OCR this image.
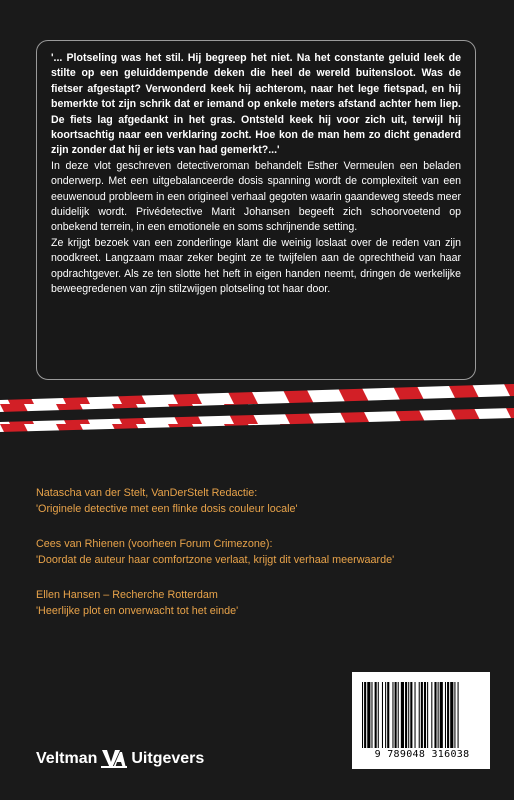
'... Plotseling was het stil. Hij begreep het niet. Na het constante geluid leek de stilte op een geluiddempende deken die heel de wereld buitensloot. Was de fietser afgestapt? Verwonderd keek hij achterom, naar het lege fietspad, en hij bemerkte tot zijn schrik dat er iemand op enkele meters afstand achter hem liep. De fiets lag afgedankt in het gras. Ontsteld keek hij voor zich uit, terwijl hij koortsachtig naar een verklaring zocht. Hoe kon de man hem zo dicht genaderd zijn zonder dat hij er iets van had gemerkt?...'

In deze vlot geschreven detectiveroman behandelt Esther Vermeulen een beladen onderwerp. Met een uitgebalanceerde dosis spanning wordt de complexiteit van een eeuwenoud probleem in een origineel verhaal gegoten waarin gaandeweg steeds meer duidelijk wordt. Privédetective Marit Johansen begeeft zich schoorvoetend op onbekend terrein, in een emotionele en soms schrijnende setting.

Ze krijgt bezoek van een zonderlinge klant die weinig loslaat over de reden van zijn noodkreet. Langzaam maar zeker begint ze te twijfelen aan de oprechtheid van haar opdrachtgever. Als ze ten slotte het heft in eigen handen neemt, dringen de werkelijke beweegredenen van zijn stilzwijgen plotseling tot haar door.

Natascha van der Stelt, VanDerStelt Redactie:
'Originele detective met een flinke dosis couleur locale'
Cees van Rhienen (voorheen Forum Crimezone):
'Doordat de auteur haar comfortzone verlaat, krijgt dit verhaal meerwaarde'
Ellen Hansen – Recherche Rotterdam
'Heerlijke plot en onverwacht tot het einde'
Veltman Uitgevers	9 789048 316038
